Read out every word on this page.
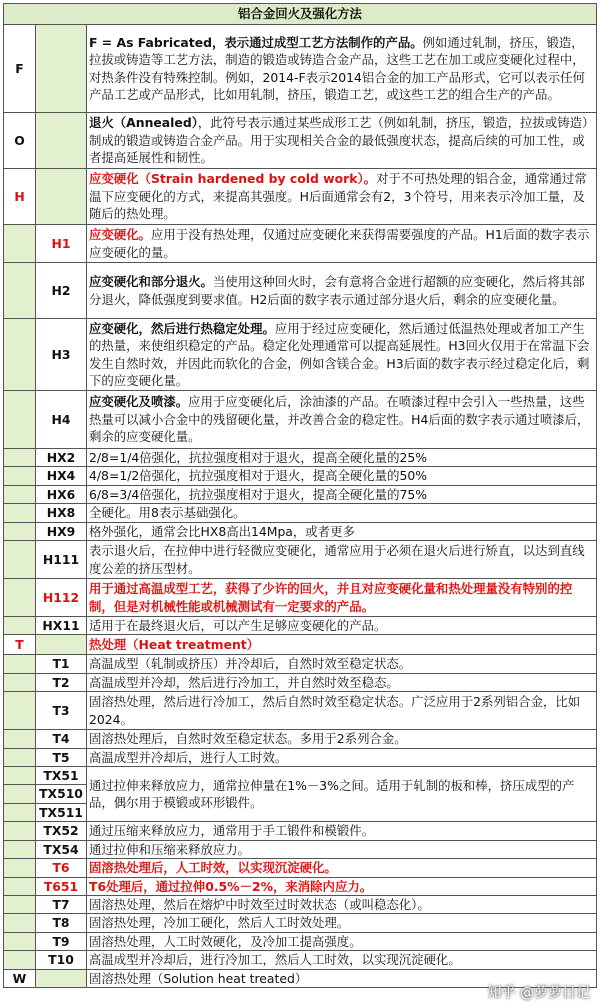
铝合金回火及强化方法		
F		F = As Fabricated，表示通过成型工艺方法制作的产品。例如通过轧制，挤压，锻造，拉拔或铸造等工艺方法，制造的锻造或铸造合金产品，这些工艺在加工或应变硬化过程中，对热条件没有特殊控制。例如，2014-F表示2014铝合金的加工产品形式，它可以表示任何产品工艺或产品形式，比如用轧制，挤压，锻造工艺，或这些工艺的组合生产的产品。
O		退火（Annealed），此符号表示通过某些成形工艺（例如轧制，挤压，锻造，拉拔或铸造）制成的锻造或铸造合金产品。用于实现相关合金的最低强度状态，提高后续的可加工性，或者提高延展性和韧性。
H		应变硬化（Strain hardened by cold work）。对于不可热处理的铝合金，通常通过常温下应变硬化的方式，来提高其强度。H后面通常会有2，3个符号，用来表示冷加工量，及随后的热处理。
	H1	应变硬化。应用于没有热处理，仅通过应变硬化来获得需要强度的产品。H1后面的数字表示应变硬化的量。
	H2	应变硬化和部分退火。当使用这种回火时，会有意将合金进行超额的应变硬化，然后将其部分退火，降低强度到要求值。H2后面的数字表示通过部分退火后，剩余的应变硬化量。
	H3	应变硬化，然后进行热稳定处理。应用于经过应变硬化，然后通过低温热处理或者加工产生的热量，来使组织稳定的产品。稳定化处理通常可以提高延展性。H3回火仅用于在常温下会发生自然时效，并因此而软化的合金，例如含镁合金。H3后面的数字表示经过稳定化后，剩下的应变硬化量。
	H4	应变硬化及喷漆。应用于应变硬化后，涂油漆的产品。在喷漆过程中会引入一些热量，这些热量可以减小合金中的残留硬化量，并改善合金的稳定性。H4后面的数字表示通过喷漆后，剩余的应变硬化量。
	HX2	2/8=1/4倍强化，抗拉强度相对于退火，提高全硬化量的25%
	HX4	4/8=1/2倍强化，抗拉强度相对于退火，提高全硬化量的50%
	HX6	6/8=3/4倍强化，抗拉强度相对于退火，提高全硬化量的75%
	HX8	全硬化。用8表示基础强化。
	HX9	格外强化，通常会比HX8高出14Mpa，或者更多
	H111	表示退火后，在拉伸中进行轻微应变硬化，通常应用于必须在退火后进行矫直，以达到直线度公差的挤压型材。
	H112	用于通过高温成型工艺，获得了少许的回火，并且对应变硬化量和热处理量没有特别的控制，但是对机械性能或机械测试有一定要求的产品。
	HX11	适用于在最终退火后，可以产生足够应变硬化的产品。
T		热处理（Heat treatment）
	T1	高温成型（轧制或挤压）并冷却后，自然时效至稳定状态。
	T2	高温成型并冷却，然后进行冷加工，并自然时效至稳态。
	T3	固溶热处理，然后进行冷加工，然后自然时效至稳定状态。广泛应用于2系列铝合金，比如2024。
	T4	固溶热处理后，自然时效至稳定状态。多用于2系列合金。
	T5	高温成型并冷却后，进行人工时效。
	TX51	通过拉伸来释放应力，通常拉伸量在1%－3%之间。适用于轧制的板和棒，挤压成型的产品，偶尔用于模锻或环形锻件。
	TX510	
	TX511	
	TX52	通过压缩来释放应力，通常用于手工锻件和模锻件。
	TX54	通过拉伸和压缩来释放应力。
	T6	固溶热处理后，人工时效，以实现沉淀硬化。
	T651	T6处理后，通过拉伸0.5%－2%，来消除内应力。
	T7	固溶热处理，然后在熔炉中时效至过时效状态（或叫稳态化）。
	T8	固溶热处理，冷加工硬化，然后人工时效处理。
	T9	固溶热处理，人工时效硬化，及冷加工提高强度。
	T10	高温成型并冷却后，进行冷加工，然后人工时效，以实现沉淀硬化。
W		固溶热处理（Solution heat treated）
知乎 @萝萝日记
